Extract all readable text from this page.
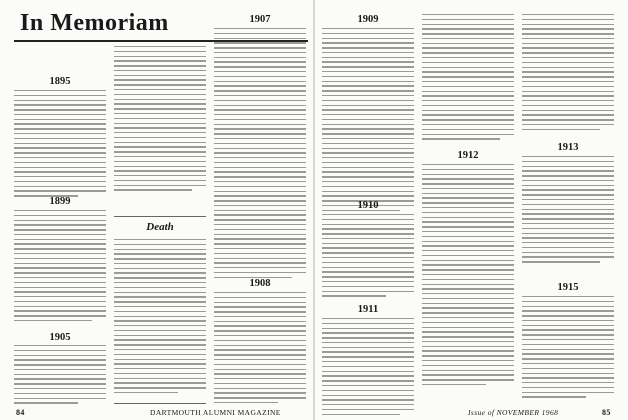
In Memoriam
1895
1899
1905
Death
1907
1908
1909
1910
1911
1912
1913
1915
84	DARTMOUTH ALUMNI MAGAZINE	Issue of NOVEMBER 1968	85
